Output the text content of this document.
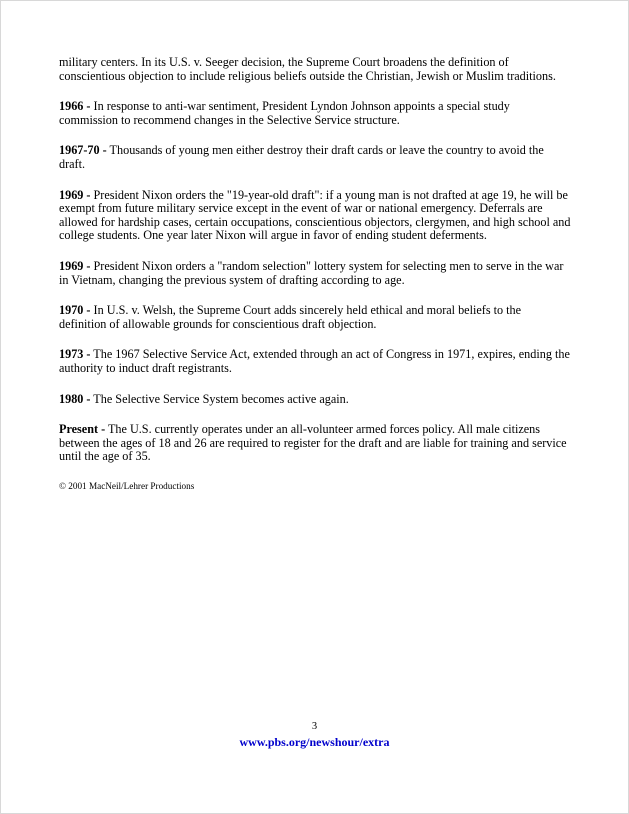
military centers. In its U.S. v. Seeger decision, the Supreme Court broadens the definition of conscientious objection to include religious beliefs outside the Christian, Jewish or Muslim traditions.

1966 - In response to anti-war sentiment, President Lyndon Johnson appoints a special study commission to recommend changes in the Selective Service structure.

1967-70 - Thousands of young men either destroy their draft cards or leave the country to avoid the draft.

1969 - President Nixon orders the "19-year-old draft": if a young man is not drafted at age 19, he will be exempt from future military service except in the event of war or national emergency. Deferrals are allowed for hardship cases, certain occupations, conscientious objectors, clergymen, and high school and college students. One year later Nixon will argue in favor of ending student deferments.

1969 - President Nixon orders a "random selection" lottery system for selecting men to serve in the war in Vietnam, changing the previous system of drafting according to age.

1970 - In U.S. v. Welsh, the Supreme Court adds sincerely held ethical and moral beliefs to the definition of allowable grounds for conscientious draft objection.

1973 - The 1967 Selective Service Act, extended through an act of Congress in 1971, expires, ending the authority to induct draft registrants.

1980 - The Selective Service System becomes active again.

Present - The U.S. currently operates under an all-volunteer armed forces policy. All male citizens between the ages of 18 and 26 are required to register for the draft and are liable for training and service until the age of 35.

© 2001 MacNeil/Lehrer Productions
3
www.pbs.org/newshour/extra
